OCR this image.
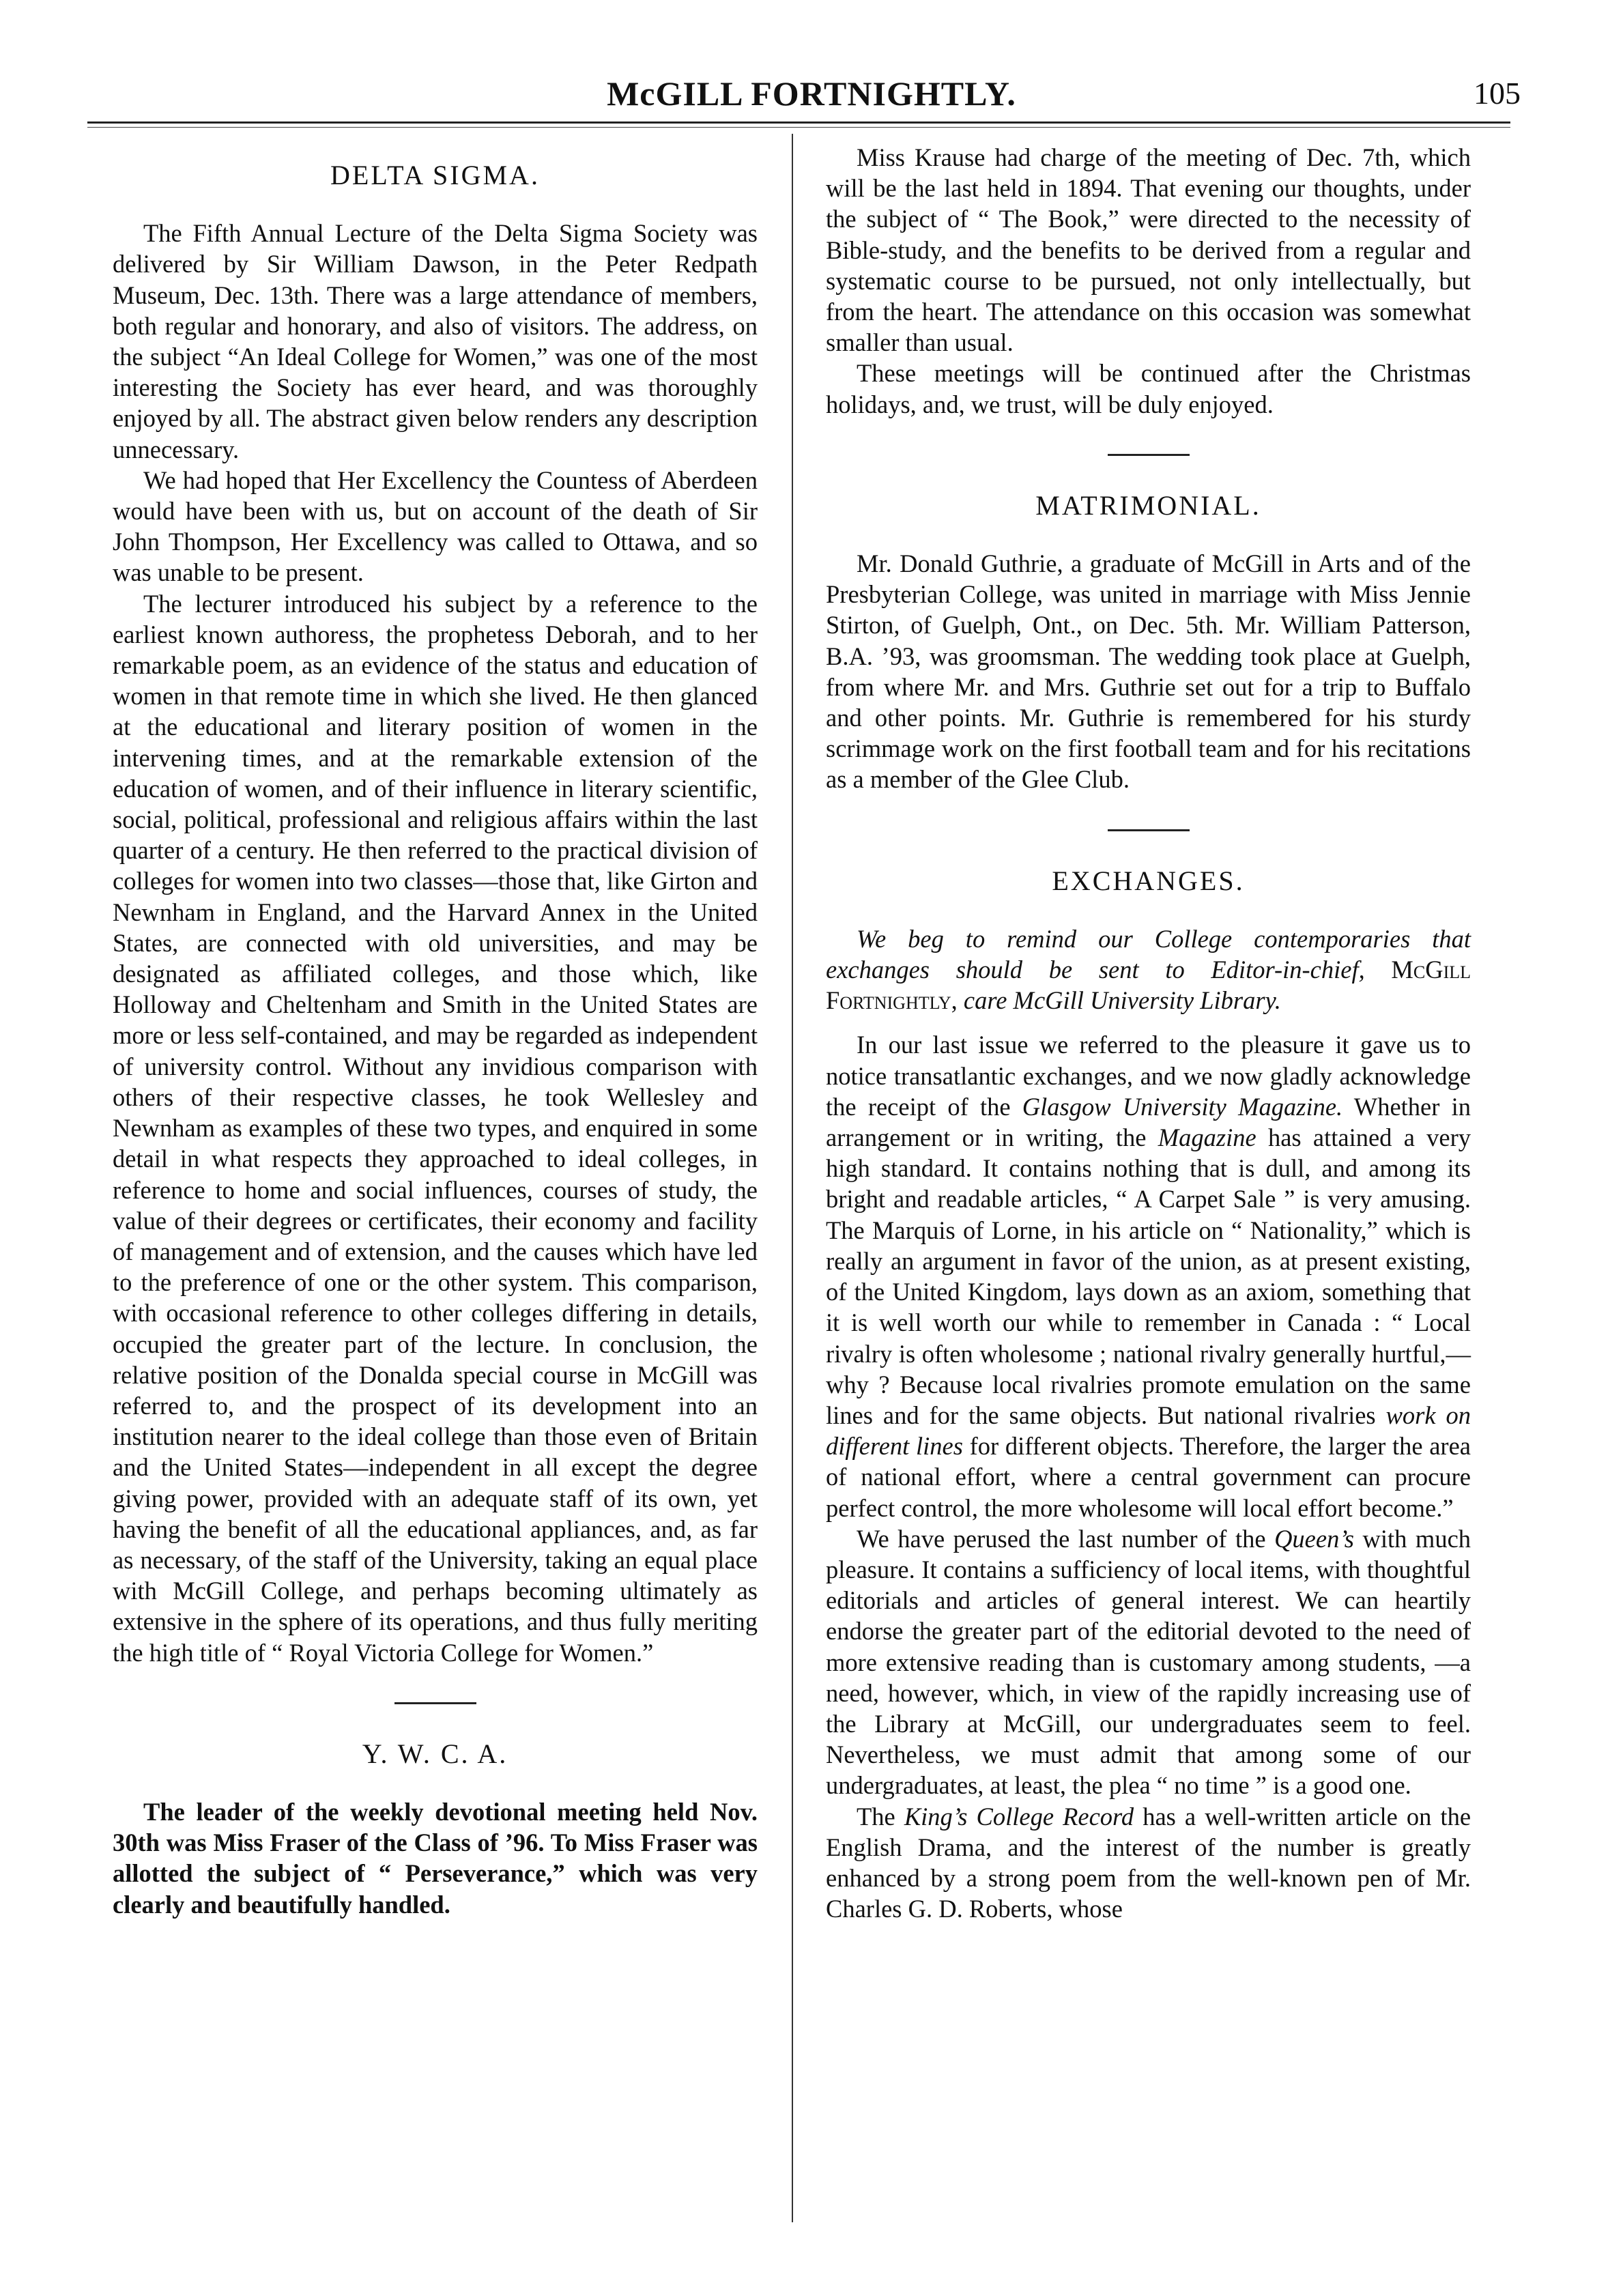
McGILL FORTNIGHTLY.	105
DELTA SIGMA.

The Fifth Annual Lecture of the Delta Sigma Society was delivered by Sir William Dawson, in the Peter Redpath Museum, Dec. 13th. There was a large attendance of members, both regular and honorary, and also of visitors. The address, on the subject “An Ideal College for Women,” was one of the most interesting the Society has ever heard, and was thoroughly enjoyed by all. The abstract given below renders any description unnecessary.

We had hoped that Her Excellency the Countess of Aberdeen would have been with us, but on account of the death of Sir John Thompson, Her Excellency was called to Ottawa, and so was unable to be present.

The lecturer introduced his subject by a reference to the earliest known authoress, the prophetess Deborah, and to her remarkable poem, as an evidence of the status and education of women in that remote time in which she lived. He then glanced at the educational and literary position of women in the intervening times, and at the remarkable extension of the education of women, and of their influence in literary scientific, social, political, professional and religious affairs within the last quarter of a century. He then referred to the practical division of colleges for women into two classes—those that, like Girton and Newnham in England, and the Harvard Annex in the United States, are connected with old universities, and may be designated as affiliated colleges, and those which, like Holloway and Cheltenham and Smith in the United States are more or less self-contained, and may be regarded as independent of university control. Without any invidious comparison with others of their respective classes, he took Wellesley and Newnham as examples of these two types, and enquired in some detail in what respects they approached to ideal colleges, in reference to home and social influences, courses of study, the value of their degrees or certificates, their economy and facility of management and of extension, and the causes which have led to the preference of one or the other system. This comparison, with occasional reference to other colleges differing in details, occupied the greater part of the lecture. In conclusion, the relative position of the Donalda special course in McGill was referred to, and the prospect of its development into an institution nearer to the ideal college than those even of Britain and the United States—independent in all except the degree giving power, provided with an adequate staff of its own, yet having the benefit of all the educational appliances, and, as far as necessary, of the staff of the University, taking an equal place with McGill College, and perhaps becoming ultimately as extensive in the sphere of its operations, and thus fully meriting the high title of “ Royal Victoria College for Women.”

Y. W. C. A.

The leader of the weekly devotional meeting held Nov. 30th was Miss Fraser of the Class of ’96. To Miss Fraser was allotted the subject of “ Perseverance,” which was very clearly and beautifully handled.

Miss Krause had charge of the meeting of Dec. 7th, which will be the last held in 1894. That evening our thoughts, under the subject of “ The Book,” were directed to the necessity of Bible-study, and the benefits to be derived from a regular and systematic course to be pursued, not only intellectually, but from the heart. The attendance on this occasion was somewhat smaller than usual.

These meetings will be continued after the Christmas holidays, and, we trust, will be duly enjoyed.

MATRIMONIAL.

Mr. Donald Guthrie, a graduate of McGill in Arts and of the Presbyterian College, was united in marriage with Miss Jennie Stirton, of Guelph, Ont., on Dec. 5th. Mr. William Patterson, B.A. ’93, was groomsman. The wedding took place at Guelph, from where Mr. and Mrs. Guthrie set out for a trip to Buffalo and other points. Mr. Guthrie is remembered for his sturdy scrimmage work on the first football team and for his recitations as a member of the Glee Club.

EXCHANGES.

We beg to remind our College contemporaries that exchanges should be sent to Editor-in-chief, McGill Fortnightly, care McGill University Library.

In our last issue we referred to the pleasure it gave us to notice transatlantic exchanges, and we now gladly acknowledge the receipt of the Glasgow University Magazine. Whether in arrangement or in writing, the Magazine has attained a very high standard. It contains nothing that is dull, and among its bright and readable articles, “ A Carpet Sale ” is very amusing. The Marquis of Lorne, in his article on “ Nationality,” which is really an argument in favor of the union, as at present existing, of the United Kingdom, lays down as an axiom, something that it is well worth our while to remember in Canada : “ Local rivalry is often wholesome ; national rivalry generally hurtful,—why ? Because local rivalries promote emulation on the same lines and for the same objects. But national rivalries work on different lines for different objects. Therefore, the larger the area of national effort, where a central government can procure perfect control, the more wholesome will local effort become.”

We have perused the last number of the Queen’s with much pleasure. It contains a sufficiency of local items, with thoughtful editorials and articles of general interest. We can heartily endorse the greater part of the editorial devoted to the need of more extensive reading than is customary among students, —a need, however, which, in view of the rapidly increasing use of the Library at McGill, our undergraduates seem to feel. Nevertheless, we must admit that among some of our undergraduates, at least, the plea “ no time ” is a good one.

The King’s College Record has a well-written article on the English Drama, and the interest of the number is greatly enhanced by a strong poem from the well-known pen of Mr. Charles G. D. Roberts, whose
